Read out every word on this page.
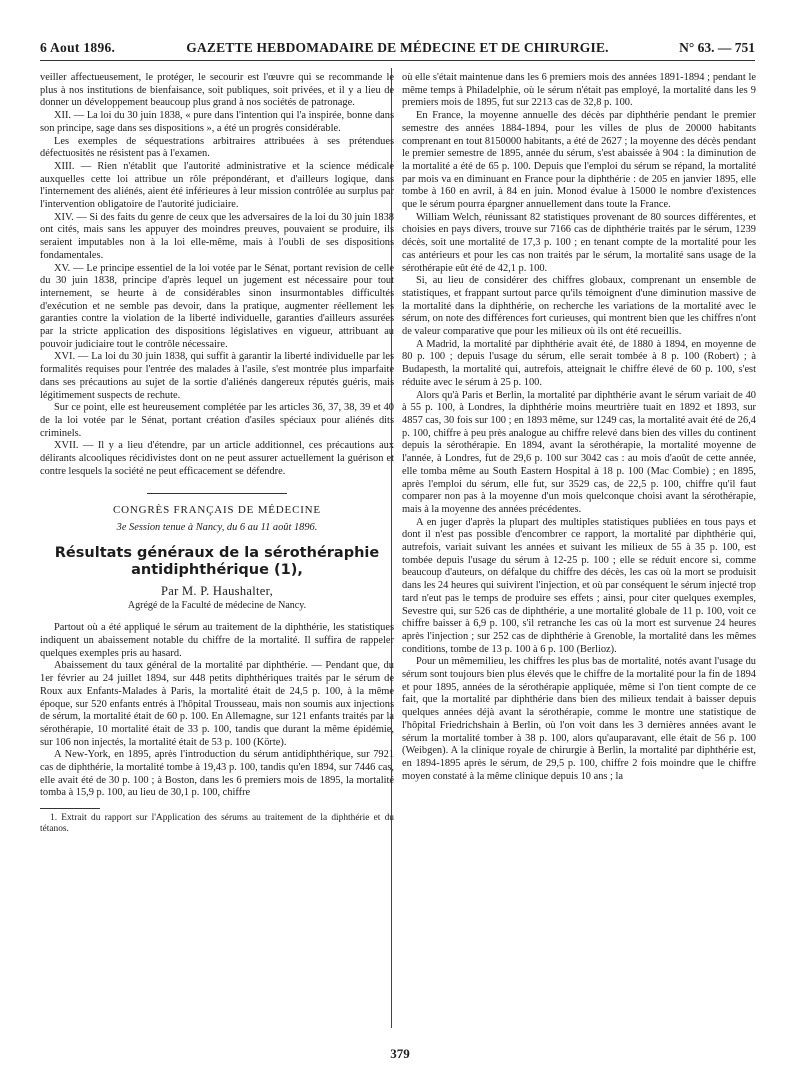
6 Aout 1896.	GAZETTE HEBDOMADAIRE DE MÉDECINE ET DE CHIRURGIE.	N° 63. — 751

veiller affectueusement, le protéger, le secourir est l'œuvre qui se recommande le plus à nos institutions de bienfaisance, soit publiques, soit privées, et il y a lieu de donner un développement beaucoup plus grand à nos sociétés de patronage.

XII. — La loi du 30 juin 1838, « pure dans l'intention qui l'a inspirée, bonne dans son principe, sage dans ses dispositions », a été un progrès considérable.

Les exemples de séquestrations arbitraires attribuées à ses prétendues défectuosités ne résistent pas à l'examen.

XIII. — Rien n'établit que l'autorité administrative et la science médicale auxquelles cette loi attribue un rôle prépondérant, et d'ailleurs logique, dans l'internement des aliénés, aient été inférieures à leur mission contrôlée au surplus par l'intervention obligatoire de l'autorité judiciaire.

XIV. — Si des faits du genre de ceux que les adversaires de la loi du 30 juin 1838 ont cités, mais sans les appuyer des moindres preuves, pouvaient se produire, ils seraient imputables non à la loi elle-même, mais à l'oubli de ses dispositions fondamentales.

XV. — Le principe essentiel de la loi votée par le Sénat, portant revision de celle du 30 juin 1838, principe d'après lequel un jugement est nécessaire pour tout internement, se heurte à de considérables sinon insurmontables difficultés d'exécution et ne semble pas devoir, dans la pratique, augmenter réellement les garanties contre la violation de la liberté individuelle, garanties d'ailleurs assurées par la stricte application des dispositions législatives en vigueur, attribuant au pouvoir judiciaire tout le contrôle nécessaire.

XVI. — La loi du 30 juin 1838, qui suffit à garantir la liberté individuelle par les formalités requises pour l'entrée des malades à l'asile, s'est montrée plus imparfaite dans ses précautions au sujet de la sortie d'aliénés dangereux réputés guéris, mais légitimement suspects de rechute.

Sur ce point, elle est heureusement complétée par les articles 36, 37, 38, 39 et 40 de la loi votée par le Sénat, portant création d'asiles spéciaux pour aliénés dits criminels.

XVII. — Il y a lieu d'étendre, par un article additionnel, ces précautions aux délirants alcooliques récidivistes dont on ne peut assurer actuellement la guérison et contre lesquels la société ne peut efficacement se défendre.

CONGRÈS FRANÇAIS DE MÉDECINE

3e Session tenue à Nancy, du 6 au 11 août 1896.

Résultats généraux de la sérothéraphie antidiphthérique (1),

Par M. P. Haushalter,

Agrégé de la Faculté de médecine de Nancy.

Partout où a été appliqué le sérum au traitement de la diphthérie, les statistiques indiquent un abaissement notable du chiffre de la mortalité. Il suffira de rappeler quelques exemples pris au hasard.

Abaissement du taux général de la mortalité par diphthérie. — Pendant que, du 1er février au 24 juillet 1894, sur 448 petits diphthériques traités par le sérum de Roux aux Enfants-Malades à Paris, la mortalité était de 24,5 p. 100, à la même époque, sur 520 enfants entrés à l'hôpital Trousseau, mais non soumis aux injections de sérum, la mortalité était de 60 p. 100. En Allemagne, sur 121 enfants traités par la sérothérapie, 10 mortalité était de 33 p. 100, tandis que durant la même épidémie, sur 106 non injectés, la mortalité était de 53 p. 100 (Körte).

A New-York, en 1895, après l'introduction du sérum antidiphthérique, sur 7921 cas de diphthérie, la mortalité tombe à 19,43 p. 100, tandis qu'en 1894, sur 7446 cas, elle avait été de 30 p. 100 ; à Boston, dans les 6 premiers mois de 1895, la mortalité tomba à 15,9 p. 100, au lieu de 30,1 p. 100, chiffre

1. Extrait du rapport sur l'Application des sérums au traitement de la diphthérie et du tétanos.

où elle s'était maintenue dans les 6 premiers mois des années 1891-1894 ; pendant le même temps à Philadelphie, où le sérum n'était pas employé, la mortalité dans les 9 premiers mois de 1895, fut sur 2213 cas de 32,8 p. 100.

En France, la moyenne annuelle des décès par diphthérie pendant le premier semestre des années 1884-1894, pour les villes de plus de 20000 habitants comprenant en tout 8150000 habitants, a été de 2627 ; la moyenne des décès pendant le premier semestre de 1895, année du sérum, s'est abaissée à 904 : la diminution de la mortalité a été de 65 p. 100. Depuis que l'emploi du sérum se répand, la mortalité par mois va en diminuant en France pour la diphthérie : de 205 en janvier 1895, elle tombe à 160 en avril, à 84 en juin. Monod évalue à 15000 le nombre d'existences que le sérum pourra épargner annuellement dans toute la France.

William Welch, réunissant 82 statistiques provenant de 80 sources différentes, et choisies en pays divers, trouve sur 7166 cas de diphthérie traités par le sérum, 1239 décès, soit une mortalité de 17,3 p. 100 ; en tenant compte de la mortalité pour les cas antérieurs et pour les cas non traités par le sérum, la mortalité sans usage de la sérothérapie eût été de 42,1 p. 100.

Si, au lieu de considérer des chiffres globaux, comprenant un ensemble de statistiques, et frappant surtout parce qu'ils témoignent d'une diminution massive de la mortalité dans la diphthérie, on recherche les variations de la mortalité avec le sérum, on note des différences fort curieuses, qui montrent bien que les chiffres n'ont de valeur comparative que pour les milieux où ils ont été recueillis.

A Madrid, la mortalité par diphthérie avait été, de 1880 à 1894, en moyenne de 80 p. 100 ; depuis l'usage du sérum, elle serait tombée à 8 p. 100 (Robert) ; à Budapesth, la mortalité qui, autrefois, atteignait le chiffre élevé de 60 p. 100, s'est réduite avec le sérum à 25 p. 100.

Alors qu'à Paris et Berlin, la mortalité par diphthérie avant le sérum variait de 40 à 55 p. 100, à Londres, la diphthérie moins meurtrière tuait en 1892 et 1893, sur 4857 cas, 30 fois sur 100 ; en 1893 même, sur 1249 cas, la mortalité avait été de 26,4 p. 100, chiffre à peu près analogue au chiffre relevé dans bien des villes du continent depuis la sérothérapie. En 1894, avant la sérothérapie, la mortalité moyenne de l'année, à Londres, fut de 29,6 p. 100 sur 3042 cas : au mois d'août de cette année, elle tomba même au South Eastern Hospital à 18 p. 100 (Mac Combie) ; en 1895, après l'emploi du sérum, elle fut, sur 3529 cas, de 22,5 p. 100, chiffre qu'il faut comparer non pas à la moyenne d'un mois quelconque choisi avant la sérothérapie, mais à la moyenne des années précédentes.

A en juger d'après la plupart des multiples statistiques publiées en tous pays et dont il n'est pas possible d'encombrer ce rapport, la mortalité par diphthérie qui, autrefois, variait suivant les années et suivant les milieux de 55 à 35 p. 100, est tombée depuis l'usage du sérum à 12-25 p. 100 ; elle se réduit encore si, comme beaucoup d'auteurs, on défalque du chiffre des décès, les cas où la mort se produisit dans les 24 heures qui suivirent l'injection, et où par conséquent le sérum injecté trop tard n'eut pas le temps de produire ses effets ; ainsi, pour citer quelques exemples, Sevestre qui, sur 526 cas de diphthérie, a une mortalité globale de 11 p. 100, voit ce chiffre baisser à 6,9 p. 100, s'il retranche les cas où la mort est survenue 24 heures après l'injection ; sur 252 cas de diphthérie à Grenoble, la mortalité dans les mêmes conditions, tombe de 13 p. 100 à 6 p. 100 (Berlioz).

Pour un mêmemilieu, les chiffres les plus bas de mortalité, notés avant l'usage du sérum sont toujours bien plus élevés que le chiffre de la mortalité pour la fin de 1894 et pour 1895, années de la sérothérapie appliquée, même si l'on tient compte de ce fait, que la mortalité par diphthérie dans bien des milieux tendait à baisser depuis quelques années déjà avant la sérothérapie, comme le montre une statistique de l'hôpital Friedrichshain à Berlin, où l'on voit dans les 3 dernières années avant le sérum la mortalité tomber à 38 p. 100, alors qu'auparavant, elle était de 56 p. 100 (Weibgen). A la clinique royale de chirurgie à Berlin, la mortalité par diphthérie est, en 1894-1895 après le sérum, de 29,5 p. 100, chiffre 2 fois moindre que le chiffre moyen constaté à la même clinique depuis 10 ans ; la

379
